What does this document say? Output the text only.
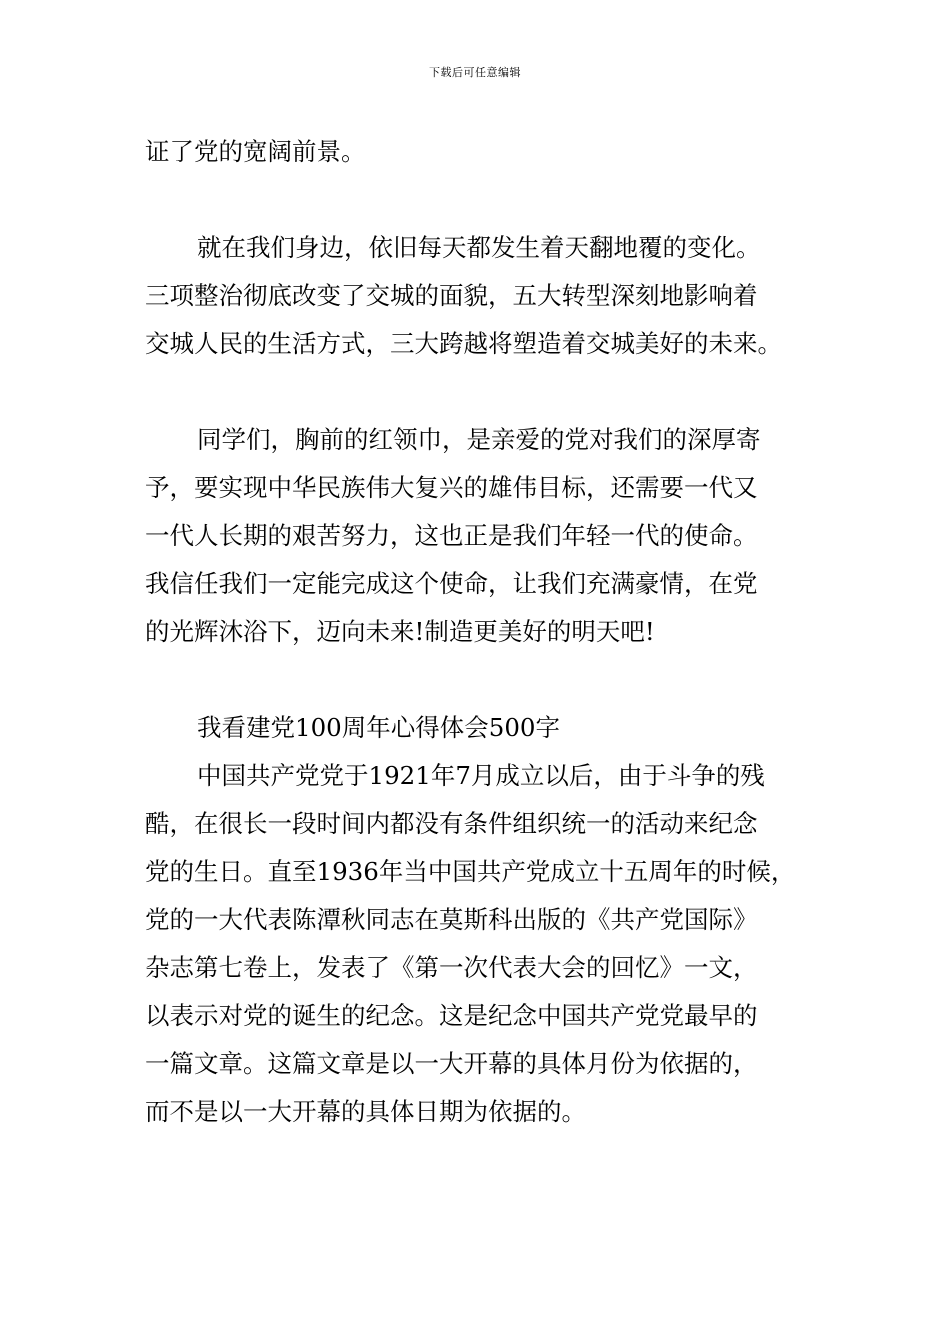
下载后可任意编辑
证了党的宽阔前景。
就在我们身边，依旧每天都发生着天翻地覆的变化。
三项整治彻底改变了交城的面貌，五大转型深刻地影响着
交城人民的生活方式，三大跨越将塑造着交城美好的未来。
同学们，胸前的红领巾，是亲爱的党对我们的深厚寄
予，要实现中华民族伟大复兴的雄伟目标，还需要一代又
一代人长期的艰苦努力，这也正是我们年轻一代的使命。
我信任我们一定能完成这个使命，让我们充满豪情，在党
的光辉沐浴下，迈向未来!制造更美好的明天吧!
我看建党100周年心得体会500字
中国共产党党于1921年7月成立以后，由于斗争的残
酷，在很长一段时间内都没有条件组织统一的活动来纪念
党的生日。直至1936年当中国共产党成立十五周年的时候，
党的一大代表陈潭秋同志在莫斯科出版的《共产党国际》
杂志第七卷上，发表了《第一次代表大会的回忆》一文，
以表示对党的诞生的纪念。这是纪念中国共产党党最早的
一篇文章。这篇文章是以一大开幕的具体月份为依据的，
而不是以一大开幕的具体日期为依据的。
